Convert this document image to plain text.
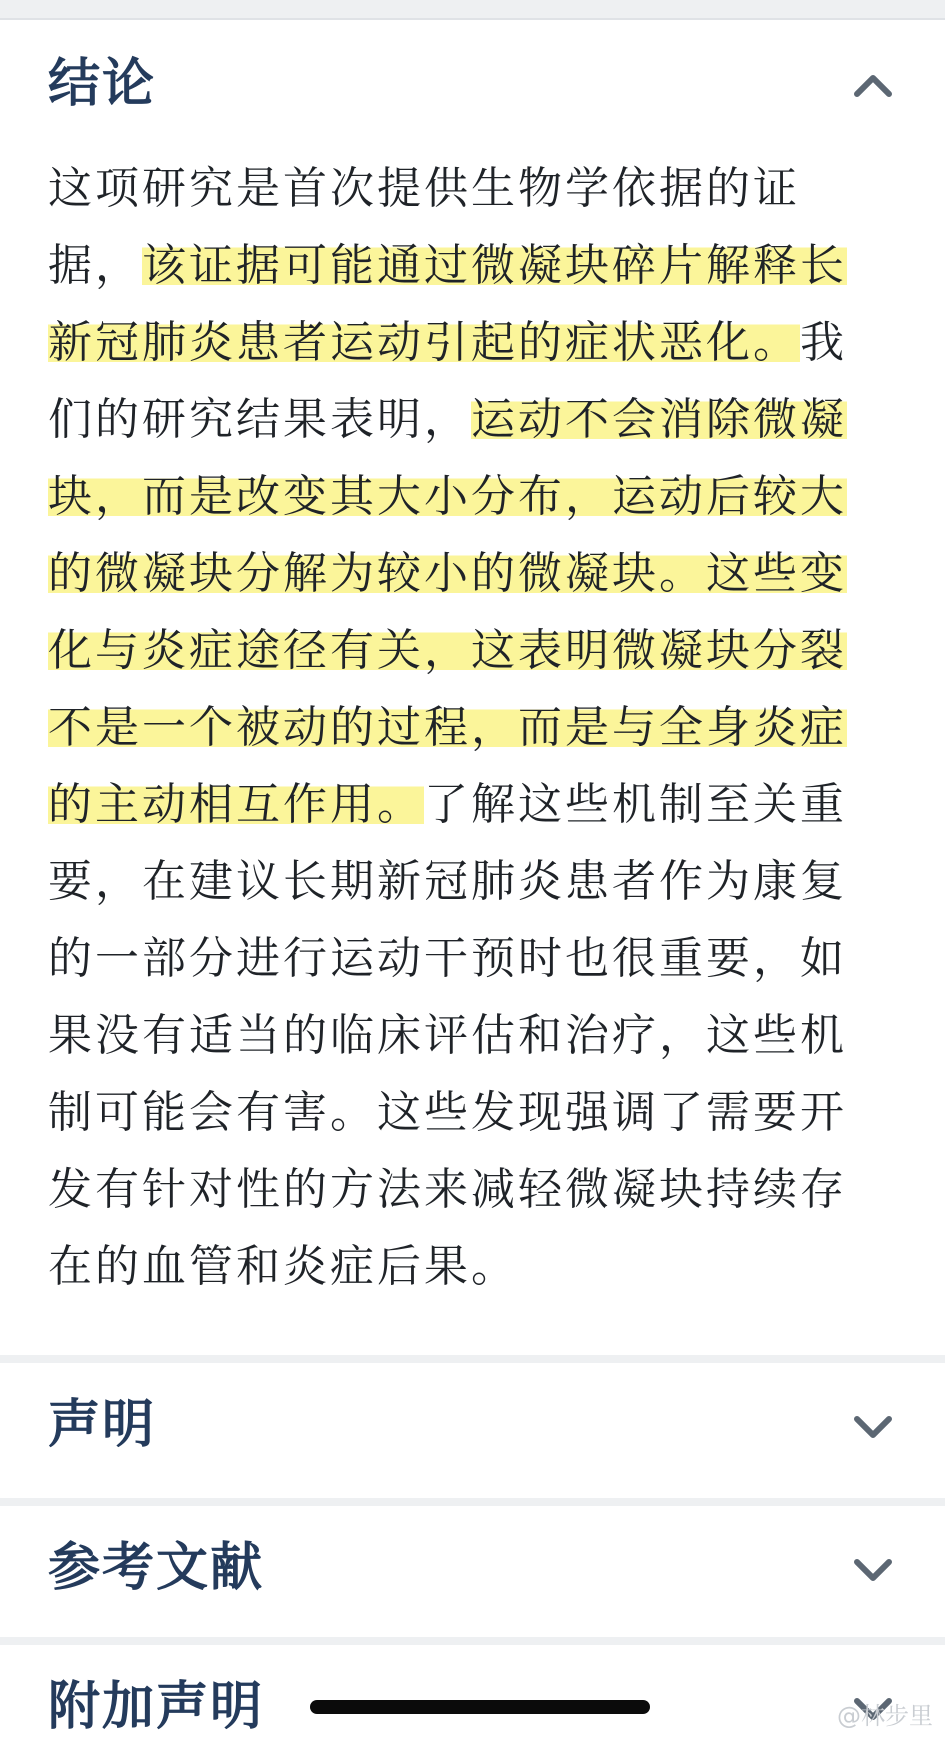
结论
这项研究是首次提供生物学依据的证
据，该证据可能通过微凝块碎片解释长
新冠肺炎患者运动引起的症状恶化。我
们的研究结果表明，运动不会消除微凝
块，而是改变其大小分布，运动后较大
的微凝块分解为较小的微凝块。这些变
化与炎症途径有关，这表明微凝块分裂
不是一个被动的过程，而是与全身炎症
的主动相互作用。了解这些机制至关重
要，在建议长期新冠肺炎患者作为康复
的一部分进行运动干预时也很重要，如
果没有适当的临床评估和治疗，这些机
制可能会有害。这些发现强调了需要开
发有针对性的方法来减轻微凝块持续存
在的血管和炎症后果。
声明
参考文献
附加声明	@林步里
